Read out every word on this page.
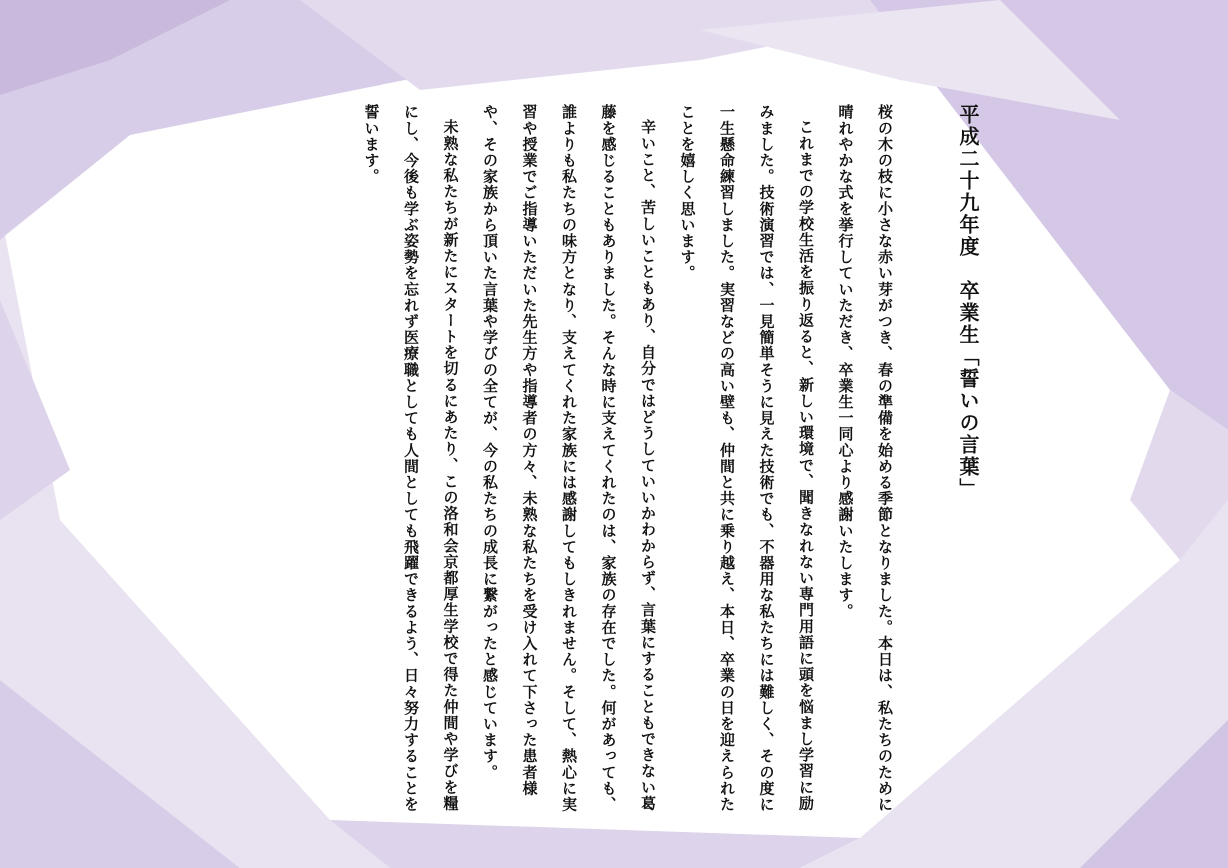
平成二十九年度　卒業生「誓いの言葉」

桜の木の枝に小さな赤い芽がつき、春の準備を始める季節となりました。本日は、私たちのために晴れやかな式を挙行していただき、卒業生一同心より感謝いたします。

これまでの学校生活を振り返ると、新しい環境で、聞きなれない専門用語に頭を悩まし学習に励みました。技術演習では、一見簡単そうに見えた技術でも、不器用な私たちには難しく、その度に一生懸命練習しました。実習などの高い壁も、仲間と共に乗り越え、本日、卒業の日を迎えられたことを嬉しく思います。

辛いこと、苦しいこともあり、自分ではどうしていいかわからず、言葉にすることもできない葛藤を感じることもありました。そんな時に支えてくれたのは、家族の存在でした。何があっても、誰よりも私たちの味方となり、支えてくれた家族には感謝してもしきれません。そして、熱心に実習や授業でご指導いただいた先生方や指導者の方々、未熟な私たちを受け入れて下さった患者様や、その家族から頂いた言葉や学びの全てが、今の私たちの成長に繋がったと感じています。

未熟な私たちが新たにスタートを切るにあたり、この洛和会京都厚生学校で得た仲間や学びを糧にし、今後も学ぶ姿勢を忘れず医療職としても人間としても飛躍できるよう、日々努力することを誓います。
